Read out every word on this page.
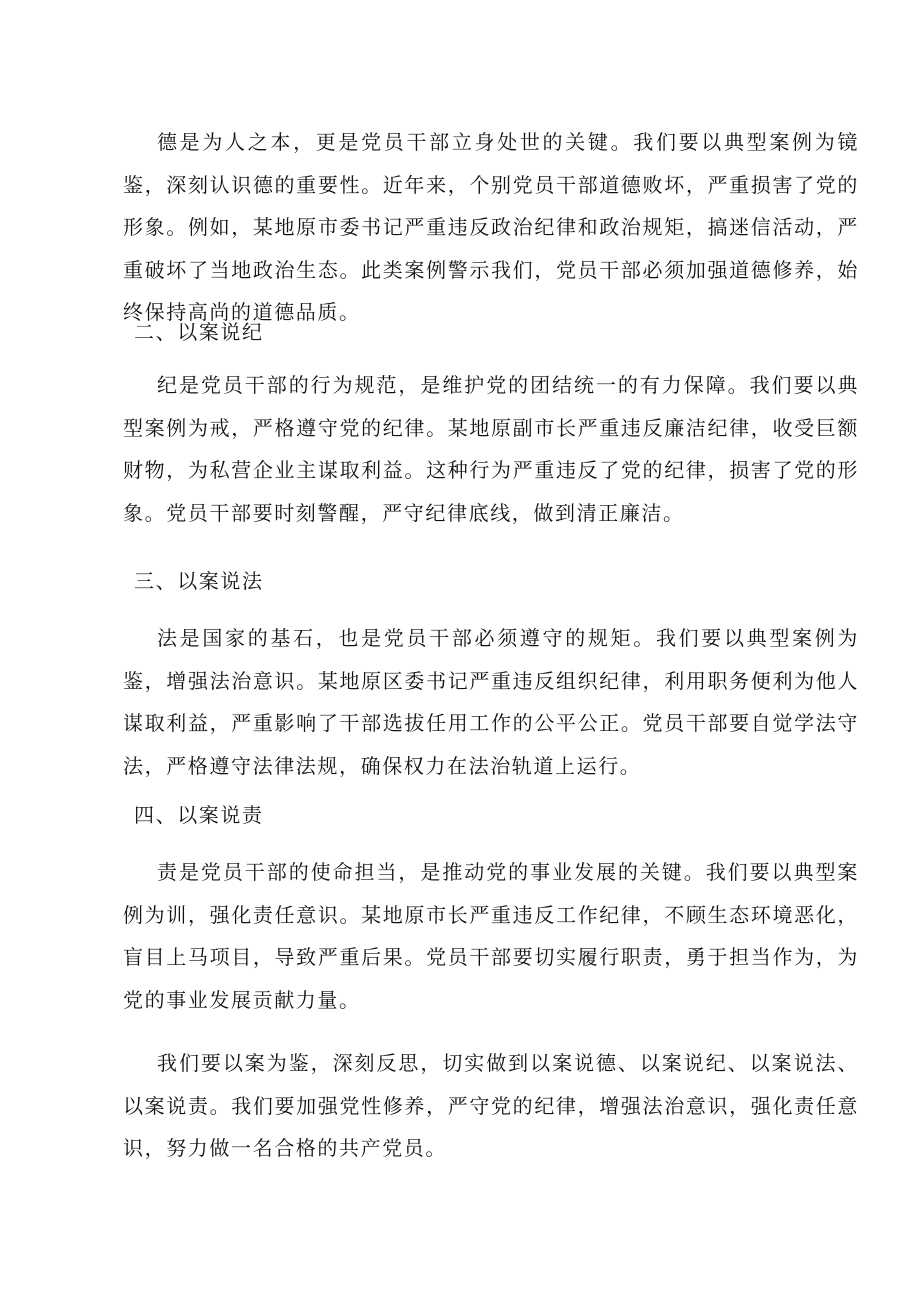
德是为人之本，更是党员干部立身处世的关键。我们要以典型案例为镜鉴，深刻认识德的重要性。近年来，个别党员干部道德败坏，严重损害了党的形象。例如，某地原市委书记严重违反政治纪律和政治规矩，搞迷信活动，严重破坏了当地政治生态。此类案例警示我们，党员干部必须加强道德修养，始终保持高尚的道德品质。

二、以案说纪

纪是党员干部的行为规范，是维护党的团结统一的有力保障。我们要以典型案例为戒，严格遵守党的纪律。某地原副市长严重违反廉洁纪律，收受巨额财物，为私营企业主谋取利益。这种行为严重违反了党的纪律，损害了党的形象。党员干部要时刻警醒，严守纪律底线，做到清正廉洁。

三、以案说法

法是国家的基石，也是党员干部必须遵守的规矩。我们要以典型案例为鉴，增强法治意识。某地原区委书记严重违反组织纪律，利用职务便利为他人谋取利益，严重影响了干部选拔任用工作的公平公正。党员干部要自觉学法守法，严格遵守法律法规，确保权力在法治轨道上运行。

四、以案说责

责是党员干部的使命担当，是推动党的事业发展的关键。我们要以典型案例为训，强化责任意识。某地原市长严重违反工作纪律，不顾生态环境恶化，盲目上马项目，导致严重后果。党员干部要切实履行职责，勇于担当作为，为党的事业发展贡献力量。

我们要以案为鉴，深刻反思，切实做到以案说德、以案说纪、以案说法、以案说责。我们要加强党性修养，严守党的纪律，增强法治意识，强化责任意识，努力做一名合格的共产党员。
